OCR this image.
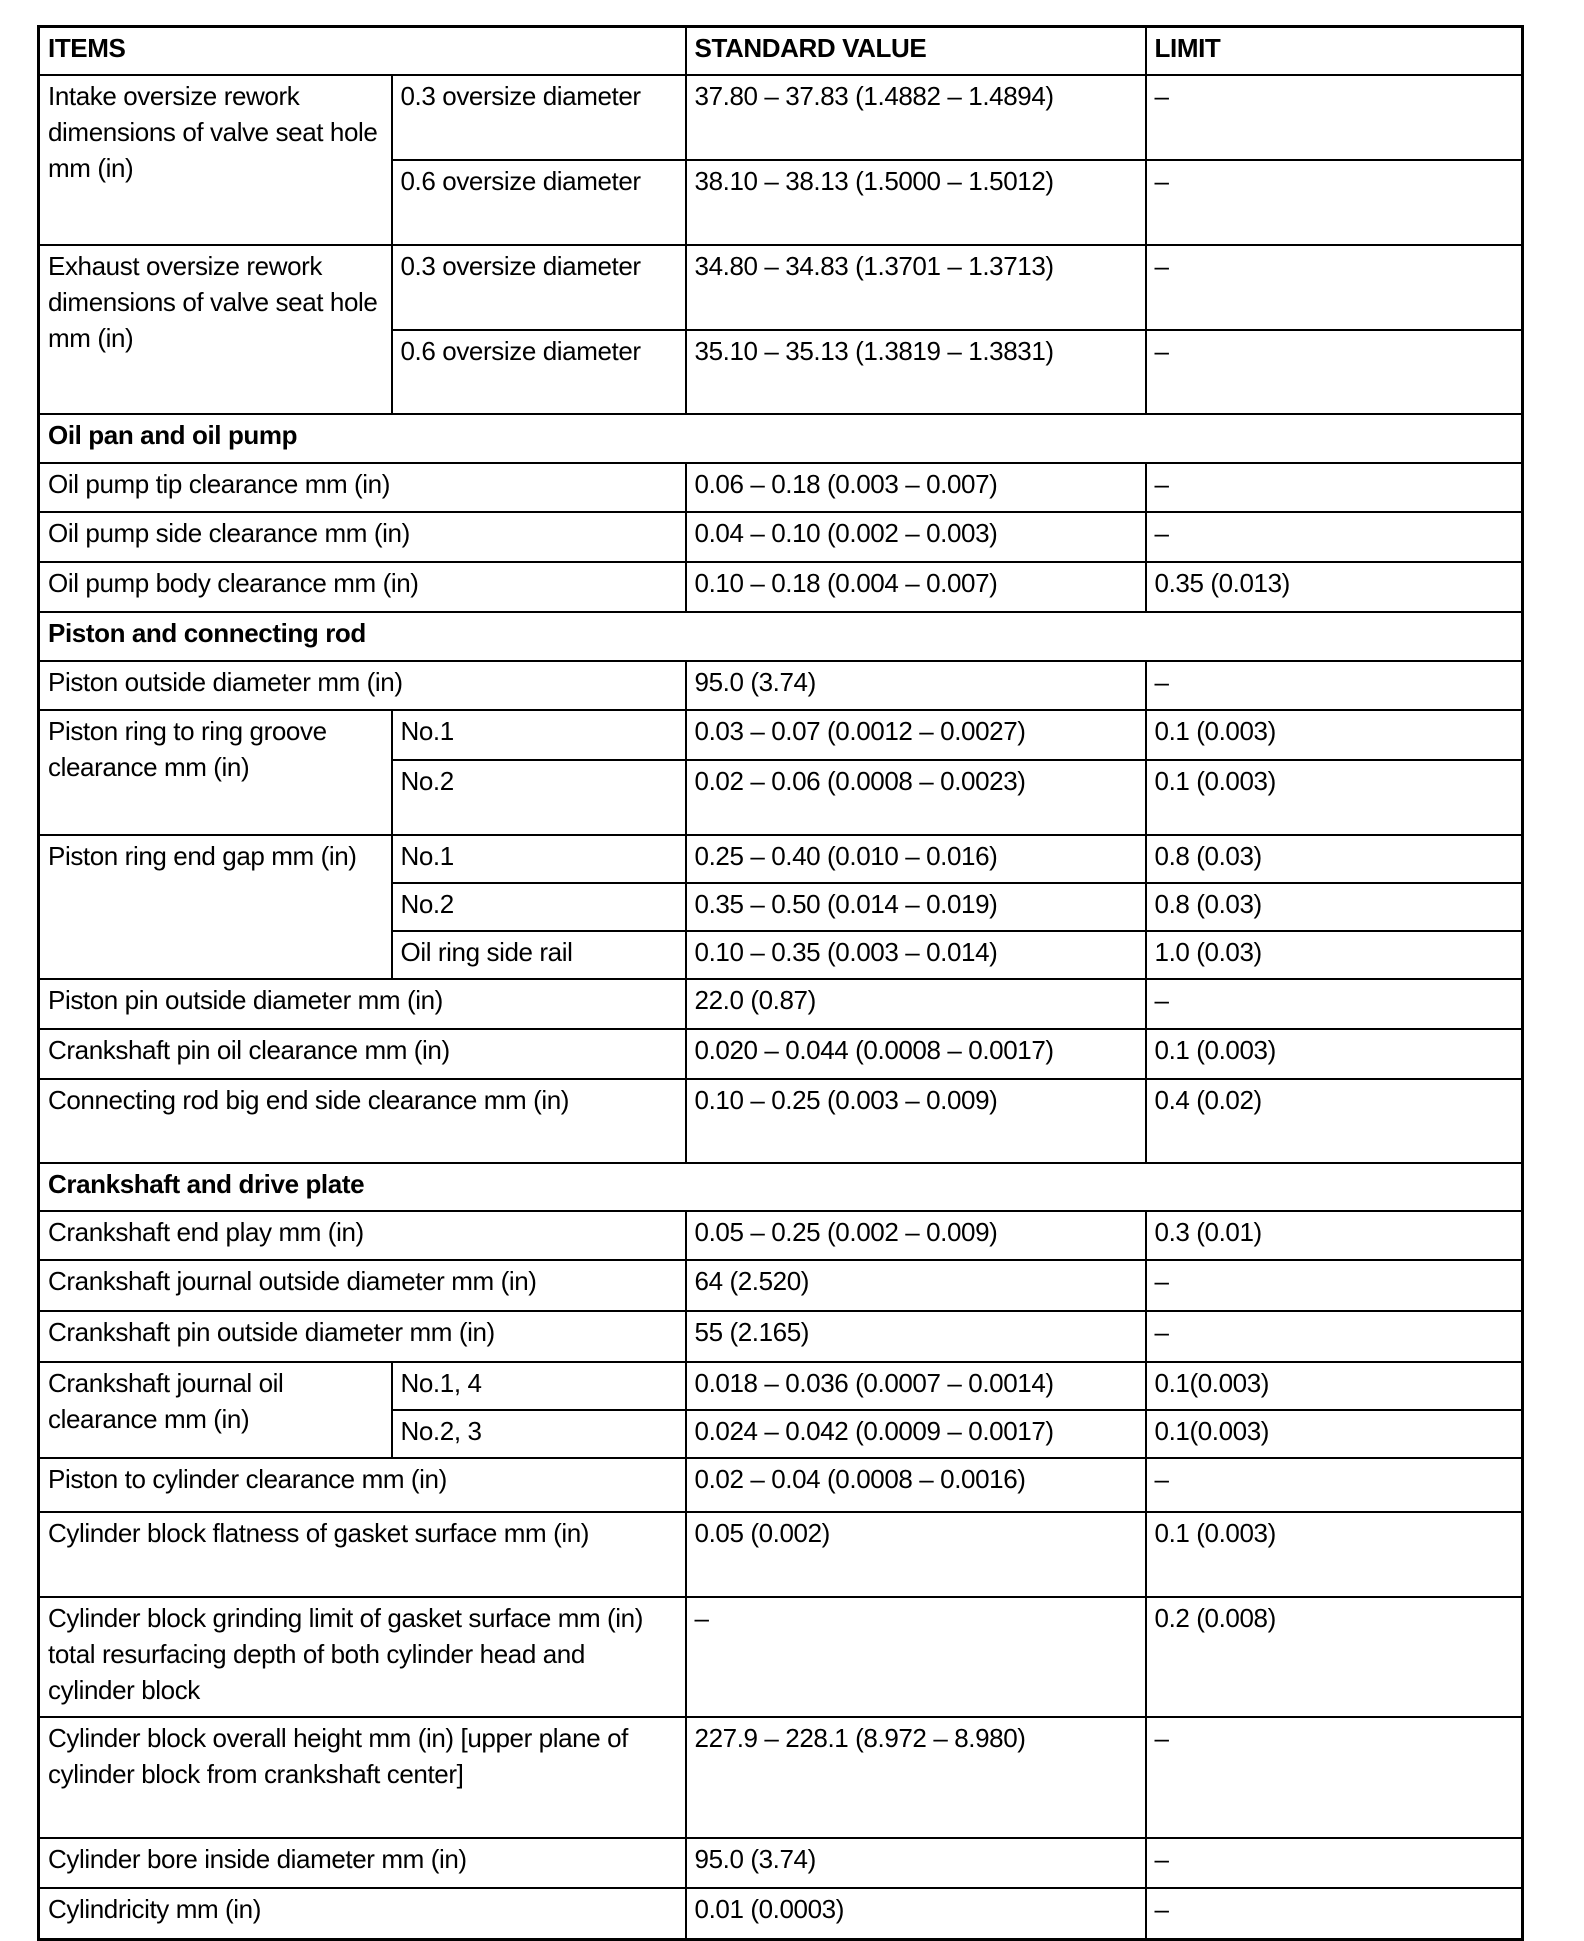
ITEMS		STANDARD VALUE	LIMIT
Intake oversize rework dimensions of valve seat hole mm (in)	0.3 oversize diameter	37.80 – 37.83 (1.4882 – 1.4894)	–
	0.6 oversize diameter	38.10 – 38.13 (1.5000 – 1.5012)	–
Exhaust oversize rework dimensions of valve seat hole mm (in)	0.3 oversize diameter	34.80 – 34.83 (1.3701 – 1.3713)	–
	0.6 oversize diameter	35.10 – 35.13 (1.3819 – 1.3831)	–
Oil pan and oil pump			
Oil pump tip clearance mm (in)		0.06 – 0.18 (0.003 – 0.007)	–
Oil pump side clearance mm (in)		0.04 – 0.10 (0.002 – 0.003)	–
Oil pump body clearance mm (in)		0.10 – 0.18 (0.004 – 0.007)	0.35 (0.013)
Piston and connecting rod			
Piston outside diameter mm (in)		95.0 (3.74)	–
Piston ring to ring groove clearance mm (in)	No.1	0.03 – 0.07 (0.0012 – 0.0027)	0.1 (0.003)
	No.2	0.02 – 0.06 (0.0008 – 0.0023)	0.1 (0.003)
Piston ring end gap mm (in)	No.1	0.25 – 0.40 (0.010 – 0.016)	0.8 (0.03)
	No.2	0.35 – 0.50 (0.014 – 0.019)	0.8 (0.03)
	Oil ring side rail	0.10 – 0.35 (0.003 – 0.014)	1.0 (0.03)
Piston pin outside diameter mm (in)		22.0 (0.87)	–
Crankshaft pin oil clearance mm (in)		0.020 – 0.044 (0.0008 – 0.0017)	0.1 (0.003)
Connecting rod big end side clearance mm (in)		0.10 – 0.25 (0.003 – 0.009)	0.4 (0.02)
Crankshaft and drive plate			
Crankshaft end play mm (in)		0.05 – 0.25 (0.002 – 0.009)	0.3 (0.01)
Crankshaft journal outside diameter mm (in)		64 (2.520)	–
Crankshaft pin outside diameter mm (in)		55 (2.165)	–
Crankshaft journal oil clearance mm (in)	No.1, 4	0.018 – 0.036 (0.0007 – 0.0014)	0.1(0.003)
	No.2, 3	0.024 – 0.042 (0.0009 – 0.0017)	0.1(0.003)
Piston to cylinder clearance mm (in)		0.02 – 0.04 (0.0008 – 0.0016)	–
Cylinder block flatness of gasket surface mm (in)		0.05 (0.002)	0.1 (0.003)
Cylinder block grinding limit of gasket surface mm (in) total resurfacing depth of both cylinder head and cylinder block		–	0.2 (0.008)
Cylinder block overall height mm (in) [upper plane of cylinder block from crankshaft center]		227.9 – 228.1 (8.972 – 8.980)	–
Cylinder bore inside diameter mm (in)		95.0 (3.74)	–
Cylindricity mm (in)		0.01 (0.0003)	–
